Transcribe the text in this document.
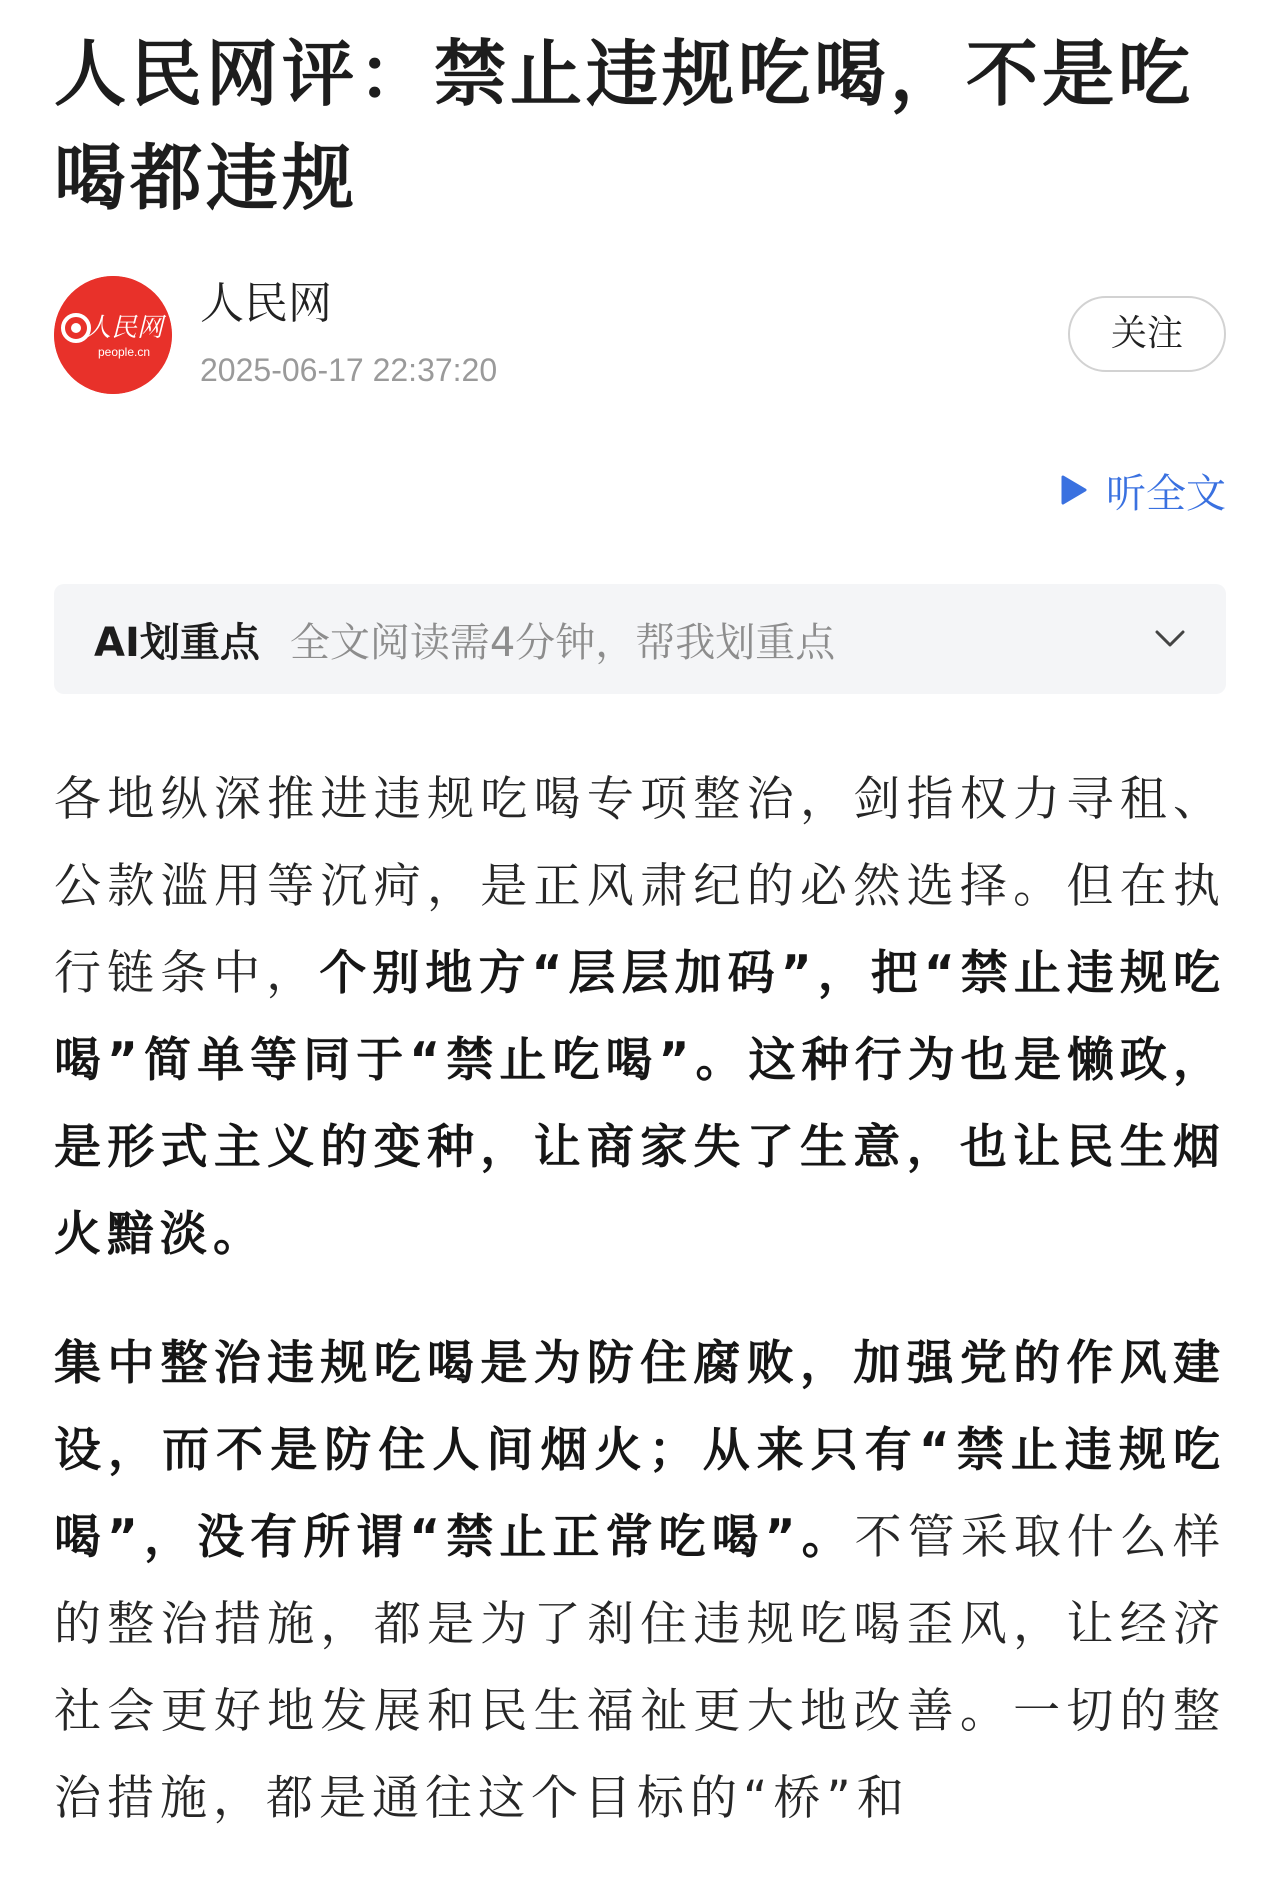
人民网评：禁止违规吃喝，不是吃喝都违规
人民网
people.cn
人民网
2025-06-17 22:37:20
关注
听全文
AI划重点 全文阅读需4分钟，帮我划重点

各地纵深推进违规吃喝专项整治，剑指权力寻租、公款滥用等沉疴，是正风肃纪的必然选择。但在执行链条中，个别地方“层层加码”，把“禁止违规吃喝”简单等同于“禁止吃喝”。这种行为也是懒政，是形式主义的变种，让商家失了生意，也让民生烟火黯淡。

集中整治违规吃喝是为防住腐败，加强党的作风建设，而不是防住人间烟火；从来只有“禁止违规吃喝”，没有所谓“禁止正常吃喝”。不管采取什么样的整治措施，都是为了刹住违规吃喝歪风，让经济社会更好地发展和民生福祉更大地改善。一切的整治措施，都是通往这个目标的“桥”和
